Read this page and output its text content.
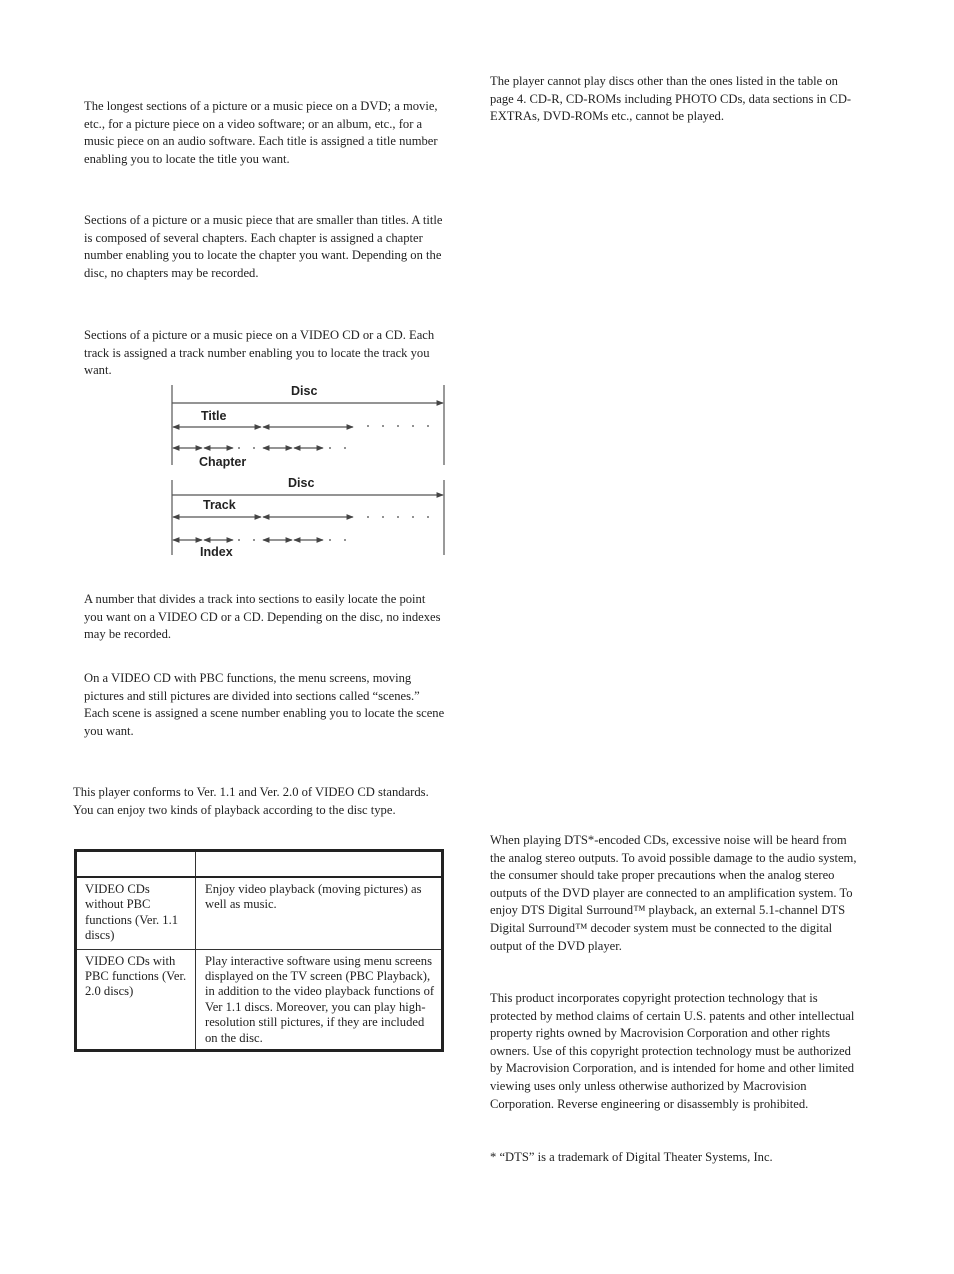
The longest sections of a picture or a music piece on a DVD; a movie, etc., for a picture piece on a video software; or an album, etc., for a music piece on an audio software. Each title is assigned a title number enabling you to locate the title you want.

Sections of a picture or a music piece that are smaller than titles. A title is composed of several chapters. Each chapter is assigned a chapter number enabling you to locate the chapter you want. Depending on the disc, no chapters may be recorded.

Sections of a picture or a music piece on a VIDEO CD or a CD. Each track is assigned a track number enabling you to locate the track you want.

Disc
Title
Chapter
Disc
Track
Index

A number that divides a track into sections to easily locate the point you want on a VIDEO CD or a CD. Depending on the disc, no indexes may be recorded.

On a VIDEO CD with PBC functions, the menu screens, moving pictures and still pictures are divided into sections called “scenes.” Each scene is assigned a scene number enabling you to locate the scene you want.

This player conforms to Ver. 1.1 and Ver. 2.0 of VIDEO CD standards. You can enjoy two kinds of playback according to the disc type.

VIDEO CDs without PBC functions (Ver. 1.1 discs)	Enjoy video playback (moving pictures) as well as music.
VIDEO CDs with PBC functions (Ver. 2.0 discs)	Play interactive software using menu screens displayed on the TV screen (PBC Playback), in addition to the video playback functions of Ver 1.1 discs. Moreover, you can play high-resolution still pictures, if they are included on the disc.

The player cannot play discs other than the ones listed in the table on page 4. CD-R, CD-ROMs including PHOTO CDs, data sections in CD-EXTRAs, DVD-ROMs etc., cannot be played.

When playing DTS*-encoded CDs, excessive noise will be heard from the analog stereo outputs. To avoid possible damage to the audio system, the consumer should take proper precautions when the analog stereo outputs of the DVD player are connected to an amplification system. To enjoy DTS Digital Surround™ playback, an external 5.1-channel DTS Digital Surround™ decoder system must be connected to the digital output of the DVD player.

This product incorporates copyright protection technology that is protected by method claims of certain U.S. patents and other intellectual property rights owned by Macrovision Corporation and other rights owners. Use of this copyright protection technology must be authorized by Macrovision Corporation, and is intended for home and other limited viewing uses only unless otherwise authorized by Macrovision Corporation. Reverse engineering or disassembly is prohibited.

* “DTS” is a trademark of Digital Theater Systems, Inc.
